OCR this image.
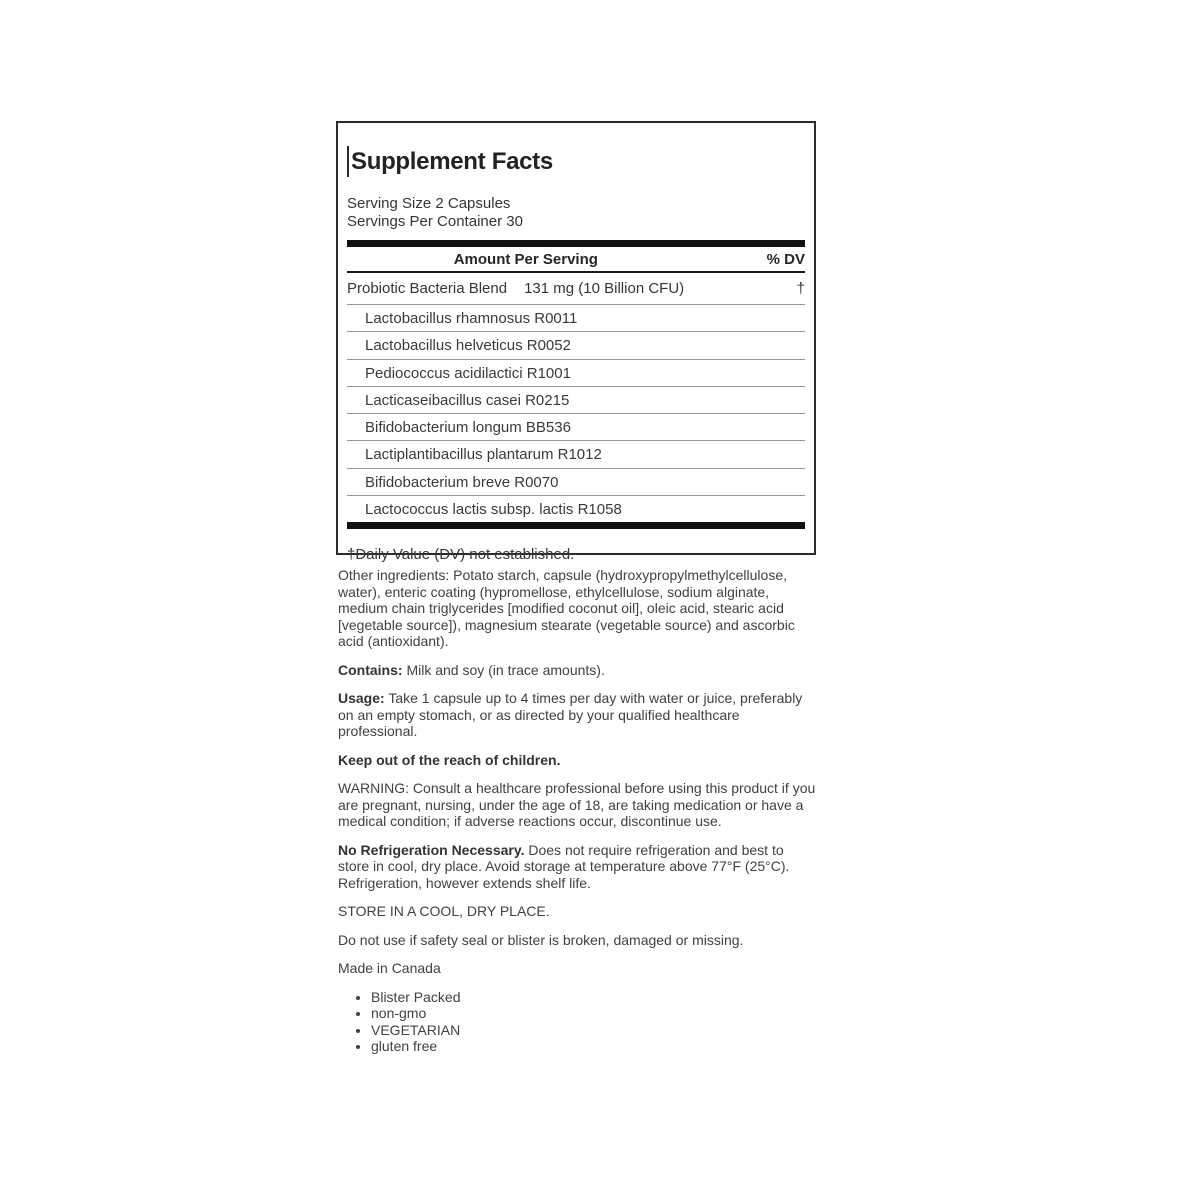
Supplement Facts
Serving Size 2 Capsules
Servings Per Container 30
Amount Per Serving	% DV
Probiotic Bacteria Blend 131 mg (10 Billion CFU)	†
Lactobacillus rhamnosus R0011
Lactobacillus helveticus R0052
Pediococcus acidilactici R1001
Lacticaseibacillus casei R0215
Bifidobacterium longum BB536
Lactiplantibacillus plantarum R1012
Bifidobacterium breve R0070
Lactococcus lactis subsp. lactis R1058
†Daily Value (DV) not established.

Other ingredients: Potato starch, capsule (hydroxypropylmethylcellulose, water), enteric coating (hypromellose, ethylcellulose, sodium alginate, medium chain triglycerides [modified coconut oil], oleic acid, stearic acid [vegetable source]), magnesium stearate (vegetable source) and ascorbic acid (antioxidant).

Contains: Milk and soy (in trace amounts).

Usage: Take 1 capsule up to 4 times per day with water or juice, preferably on an empty stomach, or as directed by your qualified healthcare professional.

Keep out of the reach of children.

WARNING: Consult a healthcare professional before using this product if you are pregnant, nursing, under the age of 18, are taking medication or have a medical condition; if adverse reactions occur, discontinue use.

No Refrigeration Necessary. Does not require refrigeration and best to store in cool, dry place. Avoid storage at temperature above 77°F (25°C). Refrigeration, however extends shelf life.

STORE IN A COOL, DRY PLACE.

Do not use if safety seal or blister is broken, damaged or missing.

Made in Canada

Blister Packed
non-gmo
VEGETARIAN
gluten free
